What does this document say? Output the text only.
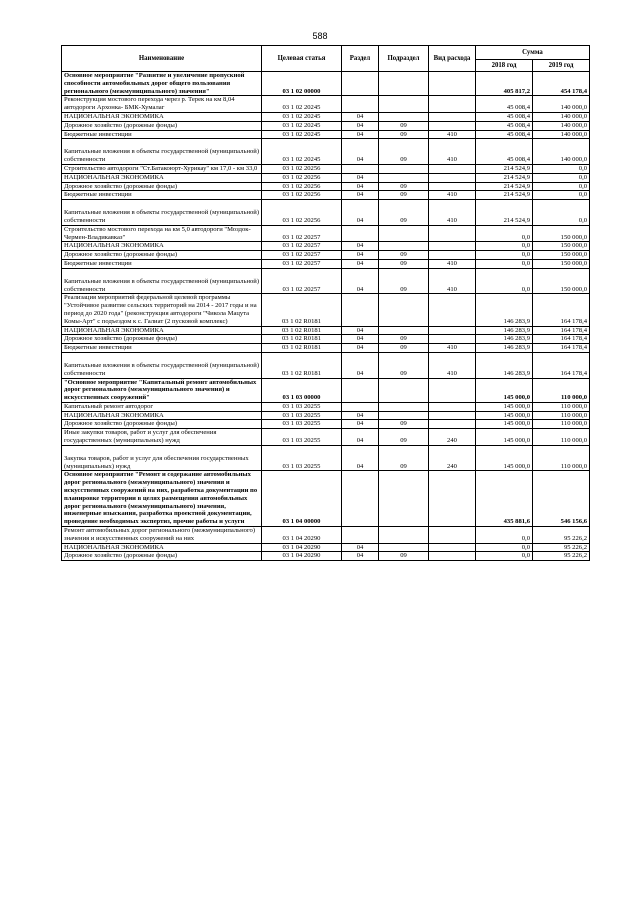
588
Наименование	Целевая статья	Раздел	Подраздел	Вид расхода	Сумма	
					2018 год	2019 год
Основное мероприятие "Развитие и увеличение пропускной способности автомобильных дорог общего пользования регионального (межмуниципального) значения"	03 1 02 00000				405 817,2	454 178,4
Реконструкция мостового перехода через р. Терек на км 8,04 автодороги Архонка- БМК-Хумалаг	03 1 02 20245				45 008,4	140 000,0
НАЦИОНАЛЬНАЯ ЭКОНОМИКА	03 1 02 20245	04			45 008,4	140 000,0
Дорожное хозяйство (дорожные фонды)	03 1 02 20245	04	09		45 008,4	140 000,0
Бюджетные инвестиции	03 1 02 20245	04	09	410	45 008,4	140 000,0
Капитальные вложения в объекты государственной (муниципальной) собственности	03 1 02 20245	04	09	410	45 008,4	140 000,0
Строительство автодороги "Ст.Батакоюрт-Хурикау" км 17,0 - км 33,0	03 1 02 20256				214 524,9	0,0
НАЦИОНАЛЬНАЯ ЭКОНОМИКА	03 1 02 20256	04			214 524,9	0,0
Дорожное хозяйство (дорожные фонды)	03 1 02 20256	04	09		214 524,9	0,0
Бюджетные инвестиции	03 1 02 20256	04	09	410	214 524,9	0,0
Капитальные вложения в объекты государственной (муниципальной) собственности	03 1 02 20256	04	09	410	214 524,9	0,0
Строительство мостового перехода на км 5,0 автодороги "Моздок-Чермен-Владикавказ"	03 1 02 20257				0,0	150 000,0
НАЦИОНАЛЬНАЯ ЭКОНОМИКА	03 1 02 20257	04			0,0	150 000,0
Дорожное хозяйство (дорожные фонды)	03 1 02 20257	04	09		0,0	150 000,0
Бюджетные инвестиции	03 1 02 20257	04	09	410	0,0	150 000,0
Капитальные вложения в объекты государственной (муниципальной) собственности	03 1 02 20257	04	09	410	0,0	150 000,0
Реализация мероприятий федеральной целевой программы "Устойчивое развитие сельских территорий на 2014 - 2017 годы и на период до 2020 года" (реконструкция автодороги "Чикола Мацута Комы-Арт" с подъездом к с. Галиат (2 пусковой комплекс)	03 1 02 R0181				146 283,9	164 178,4
НАЦИОНАЛЬНАЯ ЭКОНОМИКА	03 1 02 R0181	04			146 283,9	164 178,4
Дорожное хозяйство (дорожные фонды)	03 1 02 R0181	04	09		146 283,9	164 178,4
Бюджетные инвестиции	03 1 02 R0181	04	09	410	146 283,9	164 178,4
Капитальные вложения в объекты государственной (муниципальной) собственности	03 1 02 R0181	04	09	410	146 283,9	164 178,4
"Основное мероприятие "Капитальный ремонт автомобильных дорог регионального (межмуниципального значения) и искусственных сооружений"	03 1 03 00000				145 000,0	110 000,0
Капитальный ремонт автодорог	03 1 03 20255				145 000,0	110 000,0
НАЦИОНАЛЬНАЯ ЭКОНОМИКА	03 1 03 20255	04			145 000,0	110 000,0
Дорожное хозяйство (дорожные фонды)	03 1 03 20255	04	09		145 000,0	110 000,0
Иные закупки товаров, работ и услуг для обеспечения государственных (муниципальных) нужд	03 1 03 20255	04	09	240	145 000,0	110 000,0
Закупка товаров, работ и услуг для обеспечения государственных (муниципальных) нужд	03 1 03 20255	04	09	240	145 000,0	110 000,0
Основное мероприятие "Ремонт и содержание автомобильных дорог регионального (межмуниципального) значения и искусственных сооружений на них, разработка документации по планировке территории в целях размещения автомобильных дорог регионального (межмуниципального) значения, инженерные изыскания, разработка проектной документации, проведение необходимых экспертиз, прочие работы и услуги	03 1 04 00000				435 881,6	546 156,6
Ремонт автомобильных дорог регионального (межмуниципального) значения и искусственных сооружений на них	03 1 04 20290				0,0	95 226,2
НАЦИОНАЛЬНАЯ ЭКОНОМИКА	03 1 04 20290	04			0,0	95 226,2
Дорожное хозяйство (дорожные фонды)	03 1 04 20290	04	09		0,0	95 226,2
